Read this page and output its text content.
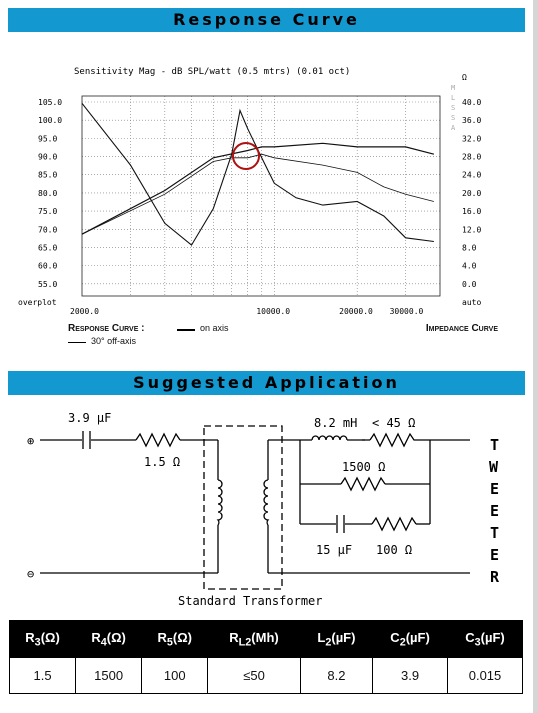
Response Curve
Sensitivity Mag - dB SPL/watt (0.5 mtrs) (0.01 oct)
105.0
100.0
95.0
90.0
85.0
80.0
75.0
70.0
65.0
60.0
55.0
overplot
40.0
36.0
32.0
28.0
24.0
20.0
16.0
12.0
8.0
4.0
0.0
auto
Ω
M
L
S
S
A
2000.0	10000.0	20000.0 30000.0
Response Curve :	on axis
30° off-axis
Impedance Curve
Suggested Application
⊕
⊖
3.9 µF
1.5 Ω
8.2 mH < 45 Ω
1500 Ω
15 µF 100 Ω
Standard Transformer
T
W
E
E
T
E
R
$R_3(\Omega)$	$R_4(\Omega)$	$R_5(\Omega)$	$R_{L2}(Mh)$	$L_2(\mu F)$	$C_2(\mu F)$	$C_3(\mu F)$
1.5	1500	100	≤50	8.2	3.9	0.015
